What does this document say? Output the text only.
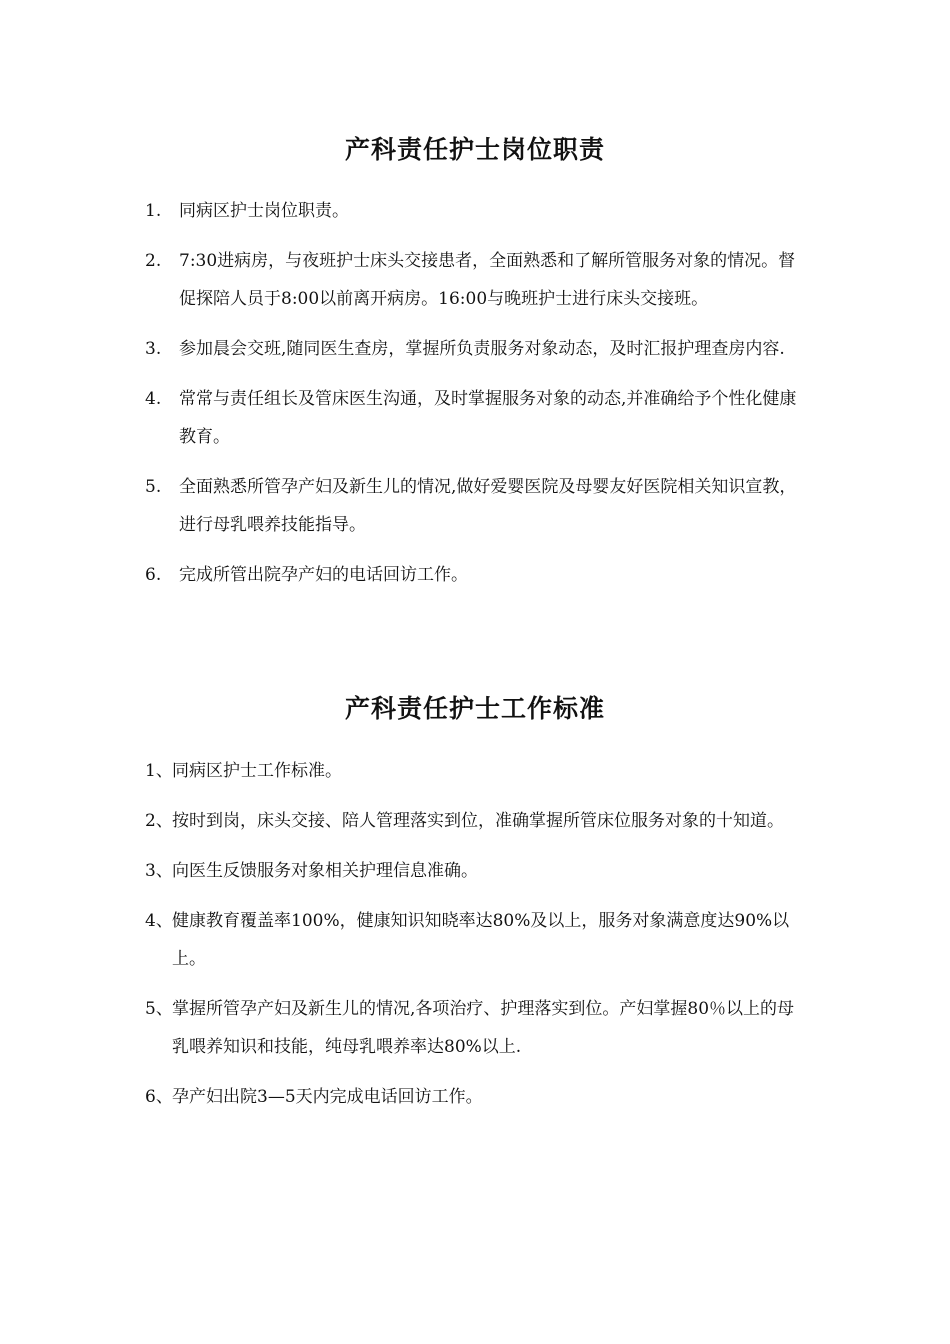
产科责任护士岗位职责
1.	同病区护士岗位职责。
2.	7:30进病房，与夜班护士床头交接患者，全面熟悉和了解所管服务对象的情况。督促探陪人员于8:00以前离开病房。16:00与晚班护士进行床头交接班。
3.	参加晨会交班,随同医生查房，掌握所负责服务对象动态，及时汇报护理查房内容.
4.	常常与责任组长及管床医生沟通，及时掌握服务对象的动态,并准确给予个性化健康教育。
5.	全面熟悉所管孕产妇及新生儿的情况,做好爱婴医院及母婴友好医院相关知识宣教，进行母乳喂养技能指导。
6.	完成所管出院孕产妇的电话回访工作。
产科责任护士工作标准
1、 同病区护士工作标准。
2、 按时到岗，床头交接、陪人管理落实到位，准确掌握所管床位服务对象的十知道。
3、 向医生反馈服务对象相关护理信息准确。
4、 健康教育覆盖率100%，健康知识知晓率达80%及以上，服务对象满意度达90%以上。
5、 掌握所管孕产妇及新生儿的情况,各项治疗、护理落实到位。产妇掌握80％以上的母乳喂养知识和技能，纯母乳喂养率达80%以上.
6、 孕产妇出院3—5天内完成电话回访工作。
